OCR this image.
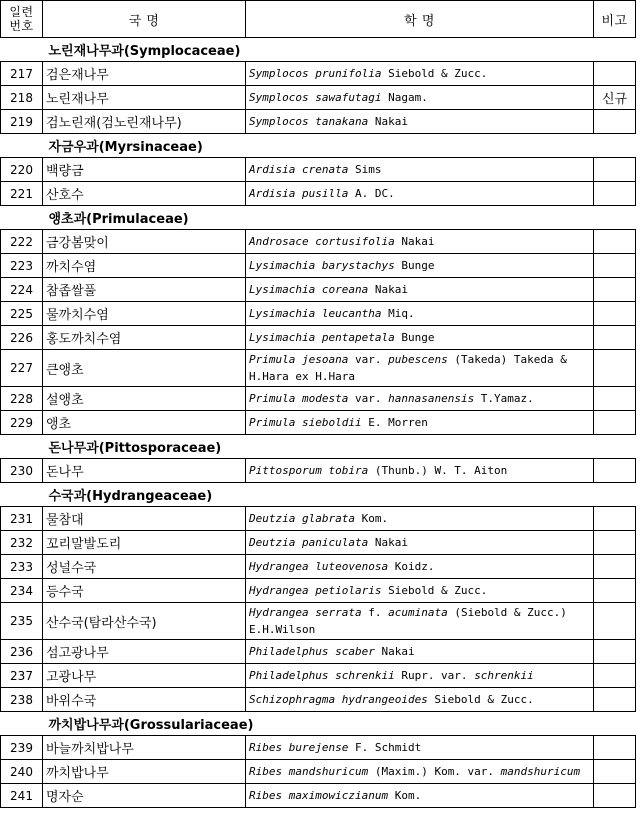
일련
번호	국 명	학 명	비고
노린재나무과(Symplocaceae)			
217	검은재나무	Symplocos prunifolia Siebold & Zucc.	
218	노린재나무	Symplocos sawafutagi Nagam.	신규
219	검노린재(검노린재나무)	Symplocos tanakana Nakai	
자금우과(Myrsinaceae)			
220	백량금	Ardisia crenata Sims	
221	산호수	Ardisia pusilla A. DC.	
앵초과(Primulaceae)			
222	금강봄맞이	Androsace cortusifolia Nakai	
223	까치수염	Lysimachia barystachys Bunge	
224	참좁쌀풀	Lysimachia coreana Nakai	
225	물까치수염	Lysimachia leucantha Miq.	
226	홍도까치수염	Lysimachia pentapetala Bunge	
227	큰앵초	Primula jesoana var. pubescens (Takeda) Takeda & H.Hara ex H.Hara	
228	설앵초	Primula modesta var. hannasanensis T.Yamaz.	
229	앵초	Primula sieboldii E. Morren	
돈나무과(Pittosporaceae)			
230	돈나무	Pittosporum tobira (Thunb.) W. T. Aiton	
수국과(Hydrangeaceae)			
231	물참대	Deutzia glabrata Kom.	
232	꼬리말발도리	Deutzia paniculata Nakai	
233	성널수국	Hydrangea luteovenosa Koidz.	
234	등수국	Hydrangea petiolaris Siebold & Zucc.	
235	산수국(탐라산수국)	Hydrangea serrata f. acuminata (Siebold & Zucc.) E.H.Wilson	
236	섬고광나무	Philadelphus scaber Nakai	
237	고광나무	Philadelphus schrenkii Rupr. var. schrenkii	
238	바위수국	Schizophragma hydrangeoides Siebold & Zucc.	
까치밥나무과(Grossulariaceae)			
239	바늘까치밥나무	Ribes burejense F. Schmidt	
240	까치밥나무	Ribes mandshuricum (Maxim.) Kom. var. mandshuricum	
241	명자순	Ribes maximowiczianum Kom.	
